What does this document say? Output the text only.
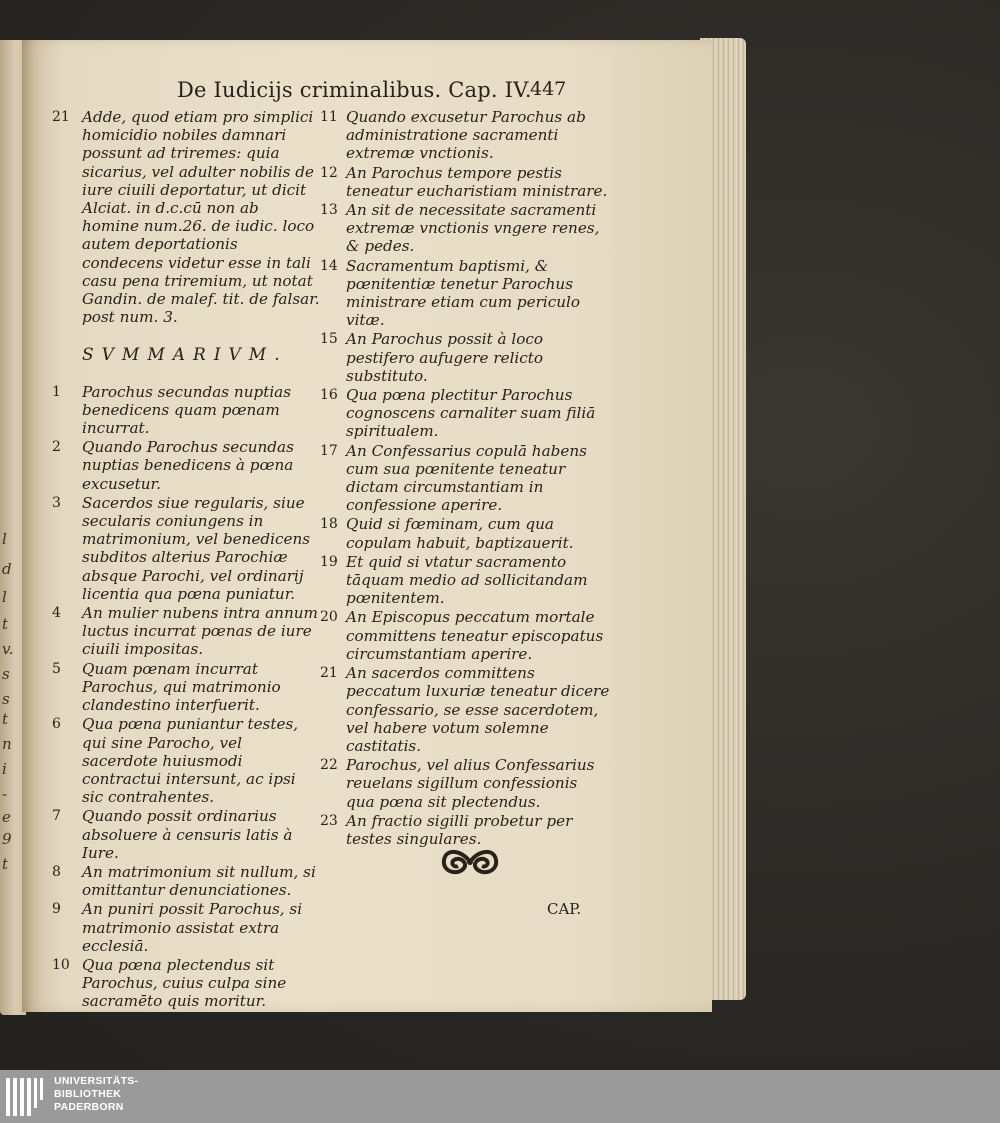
l
d
l
t
v.
s
s
t
n
i
-
e
9
t
De Iudicijs criminalibus. Cap. IV.
447

21 Adde, quod etiam pro simplici homicidio nobiles damnari possunt ad triremes: quia sicarius, vel adulter nobilis de iure ciuili deportatur, ut dicit Alciat. in d.c.cū non ab homine num.26. de iudic. loco autem deportationis condecens videtur esse in tali casu pena triremium, ut notat Gandin. de malef. tit. de falsar. post num. 3.

SVMMARIVM.
1 Parochus secundas nuptias benedicens quam pœnam incurrat.
2 Quando Parochus secundas nuptias benedicens à pœna excusetur.
3 Sacerdos siue regularis, siue secularis coniungens in matrimonium, vel benedicens subditos alterius Parochiæ absque Parochi, vel ordinarij licentia qua pœna puniatur.
4 An mulier nubens intra annum luctus incurrat pœnas de iure ciuili impositas.
5 Quam pœnam incurrat Parochus, qui matrimonio clandestino interfuerit.
6 Qua pœna puniantur testes, qui sine Parocho, vel sacerdote huiusmodi contractui intersunt, ac ipsi sic contrahentes.
7 Quando possit ordinarius absoluere à censuris latis à Iure.
8 An matrimonium sit nullum, si omittantur denunciationes.
9 An puniri possit Parochus, si matrimonio assistat extra ecclesiā.
10 Qua pœna plectendus sit Parochus, cuius culpa sine sacramēto quis moritur.
11 Quando excusetur Parochus ab administratione sacramenti extremæ vnctionis.
12 An Parochus tempore pestis teneatur eucharistiam ministrare.
13 An sit de necessitate sacramenti extremæ vnctionis vngere renes, & pedes.
14 Sacramentum baptismi, & pœnitentiæ tenetur Parochus ministrare etiam cum periculo vitæ.
15 An Parochus possit à loco pestifero aufugere relicto substituto.
16 Qua pœna plectitur Parochus cognoscens carnaliter suam filiā spiritualem.
17 An Confessarius copulā habens cum sua pœnitente teneatur dictam circumstantiam in confessione aperire.
18 Quid si fœminam, cum qua copulam habuit, baptizauerit.
19 Et quid si vtatur sacramento tāquam medio ad sollicitandam pœnitentem.
20 An Episcopus peccatum mortale committens teneatur episcopatus circumstantiam aperire.
21 An sacerdos committens peccatum luxuriæ teneatur dicere confessario, se esse sacerdotem, vel habere votum solemne castitatis.
22 Parochus, vel alius Confessarius reuelans sigillum confessionis qua pœna sit plectendus.
23 An fractio sigilli probetur per testes singulares.
CAP.
UNIVERSITÄTS-
BIBLIOTHEK
PADERBORN
